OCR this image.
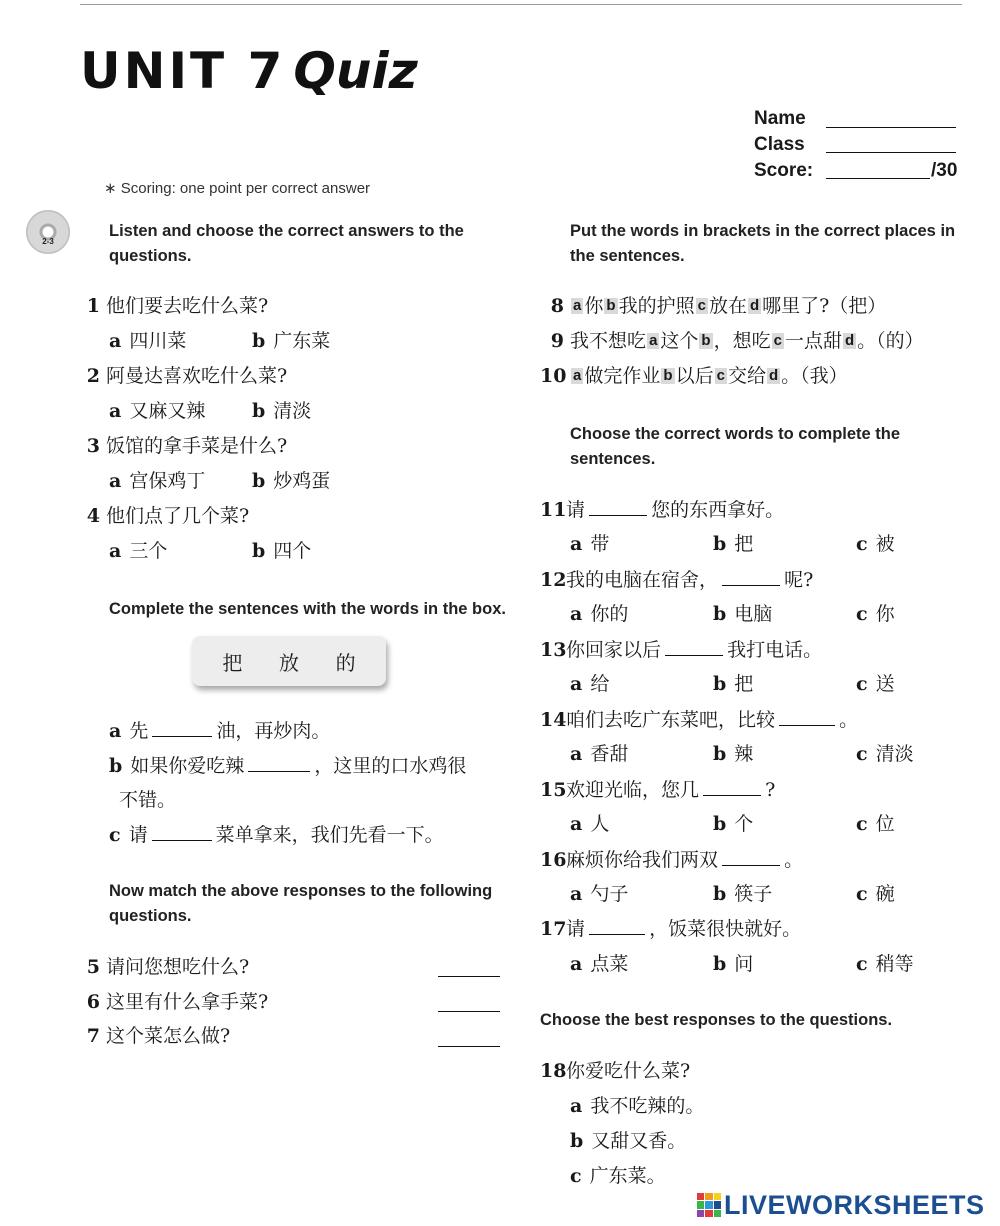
UNIT 7 Quiz
Name
Class
Score:	/30
∗ Scoring: one point per correct answer
2-3
Listen and choose the correct answers to the
questions.
1 他们要去吃什么菜?
a 四川菜	b 广东菜
2 阿曼达喜欢吃什么菜?
a 又麻又辣 b 清淡
3 饭馆的拿手菜是什么?
a 宫保鸡丁 b 炒鸡蛋
4 他们点了几个菜?
a 三个	b 四个
Complete the sentences with the words in the box.
把 放 的
a 先	油，再炒肉。
b 如果你爱吃辣	，这里的口水鸡很
不错。
c 请	菜单拿来，我们先看一下。
Now match the above responses to the following
questions.
5 请问您想吃什么?
6 这里有什么拿手菜?
7 这个菜怎么做?
Put the words in brackets in the correct places in
the sentences.
8 a 你 b 我的护照 c 放在 d 哪里了?（把）
9 我不想吃 a 这个 b ，想吃 c 一点甜 d 。（的）
10 a 做完作业 b 以后 c 交给 d 。（我）
Choose the correct words to complete the
sentences.
11 请	您的东西拿好。
a 带	b 把	c 被
12 我的电脑在宿舍，	呢?
a 你的	b 电脑	c 你
13 你回家以后	我打电话。
a 给	b 把	c 送
14 咱们去吃广东菜吧，比较	。
a 香甜	b 辣	c 清淡
15 欢迎光临，您几	?
a 人	b 个	c 位
16 麻烦你给我们两双	。
a 勺子	b 筷子	c 碗
17 请	，饭菜很快就好。
a 点菜	b 问	c 稍等
Choose the best responses to the questions.
18 你爱吃什么菜?
a 我不吃辣的。
b 又甜又香。
c 广东菜。
LIVEWORKSHEETS
